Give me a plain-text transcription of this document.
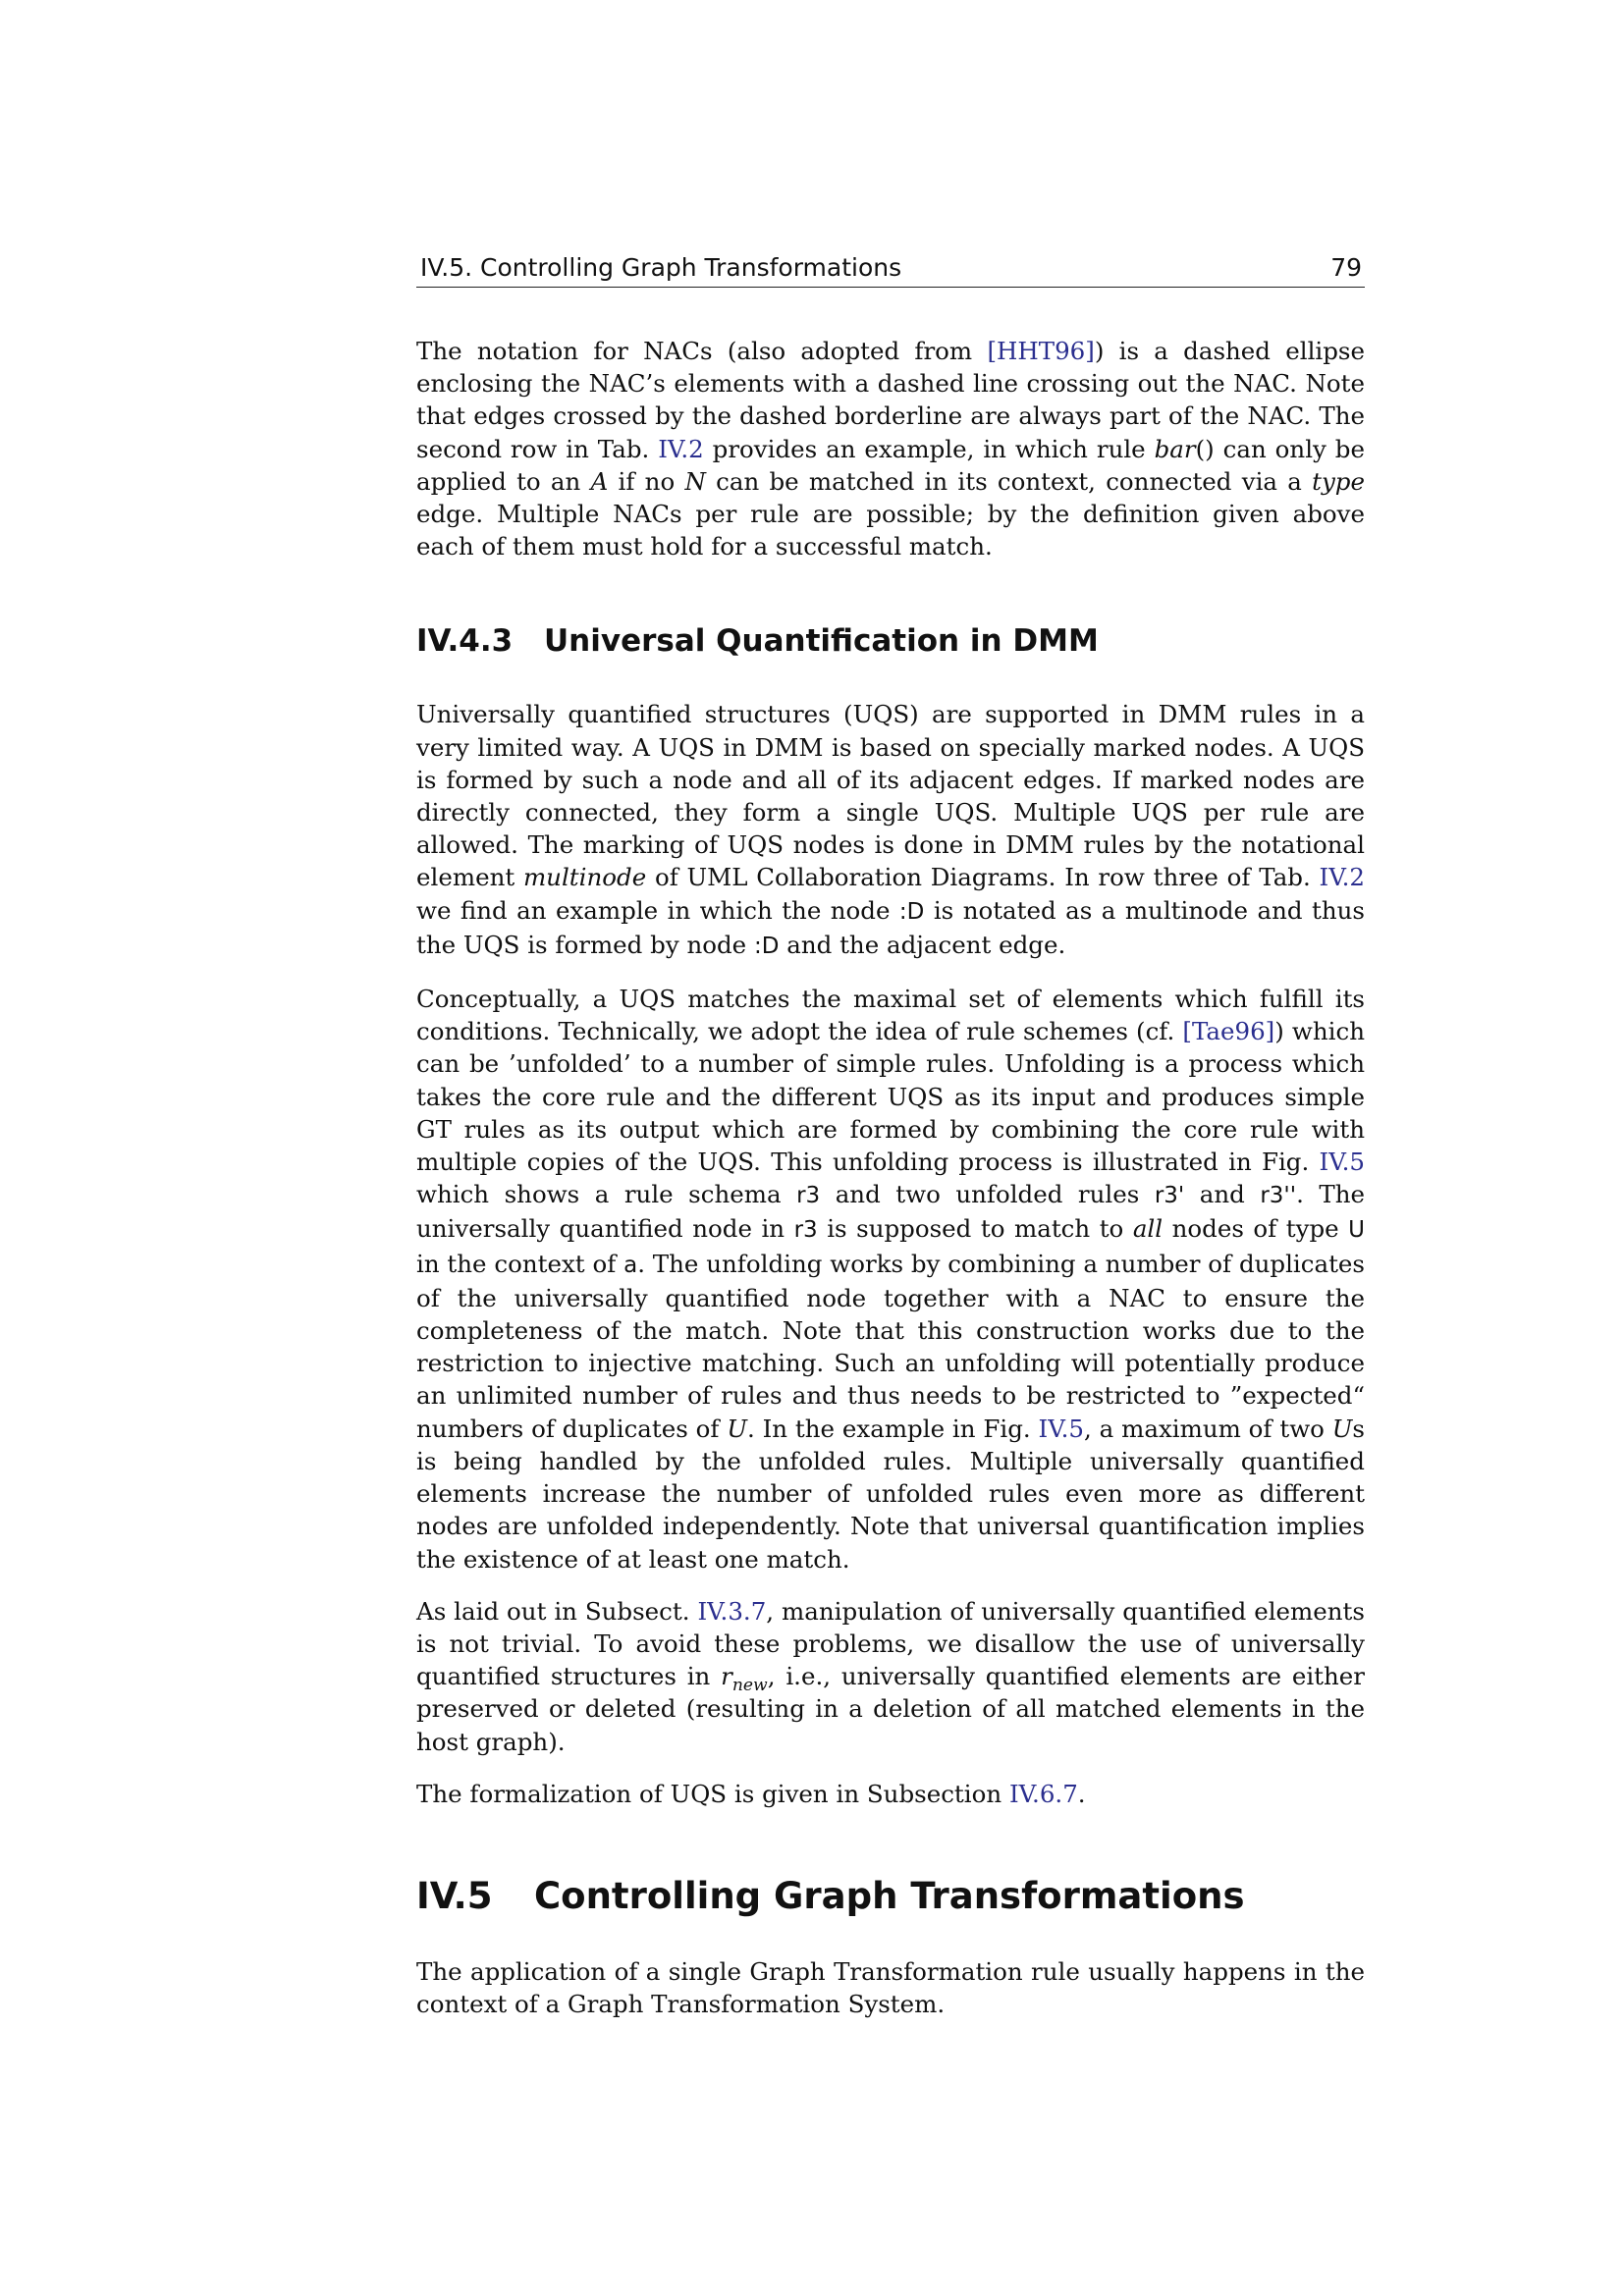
IV.5. Controlling Graph Transformations	79

The notation for NACs (also adopted from [HHT96]) is a dashed ellipse enclosing the NAC’s elements with a dashed line crossing out the NAC. Note that edges crossed by the dashed borderline are always part of the NAC. The second row in Tab. IV.2 provides an example, in which rule bar() can only be applied to an A if no N can be matched in its context, connected via a type edge. Multiple NACs per rule are possible; by the definition given above each of them must hold for a successful match.

IV.4.3	Universal Quantification in DMM

Universally quantified structures (UQS) are supported in DMM rules in a very limited way. A UQS in DMM is based on specially marked nodes. A UQS is formed by such a node and all of its adjacent edges. If marked nodes are directly connected, they form a single UQS. Multiple UQS per rule are allowed. The marking of UQS nodes is done in DMM rules by the notational element multinode of UML Collaboration Diagrams. In row three of Tab. IV.2 we find an example in which the node :D is notated as a multinode and thus the UQS is formed by node :D and the adjacent edge.

Conceptually, a UQS matches the maximal set of elements which fulfill its conditions. Technically, we adopt the idea of rule schemes (cf. [Tae96]) which can be ’unfolded’ to a number of simple rules. Unfolding is a process which takes the core rule and the different UQS as its input and produces simple GT rules as its output which are formed by combining the core rule with multiple copies of the UQS. This unfolding process is illustrated in Fig. IV.5 which shows a rule schema r3 and two unfolded rules r3' and r3''. The universally quantified node in r3 is supposed to match to all nodes of type U in the context of a. The unfolding works by combining a number of duplicates of the universally quantified node together with a NAC to ensure the completeness of the match. Note that this construction works due to the restriction to injective matching. Such an unfolding will potentially produce an unlimited number of rules and thus needs to be restricted to ”expected“ numbers of duplicates of U. In the example in Fig. IV.5, a maximum of two Us is being handled by the unfolded rules. Multiple universally quantified elements increase the number of unfolded rules even more as different nodes are unfolded independently. Note that universal quantification implies the existence of at least one match.

As laid out in Subsect. IV.3.7, manipulation of universally quantified elements is not trivial. To avoid these problems, we disallow the use of universally quantified structures in $r_{new}$, i.e., universally quantified elements are either preserved or deleted (resulting in a deletion of all matched elements in the host graph).

The formalization of UQS is given in Subsection IV.6.7.

IV.5	Controlling Graph Transformations

The application of a single Graph Transformation rule usually happens in the context of a Graph Transformation System.
